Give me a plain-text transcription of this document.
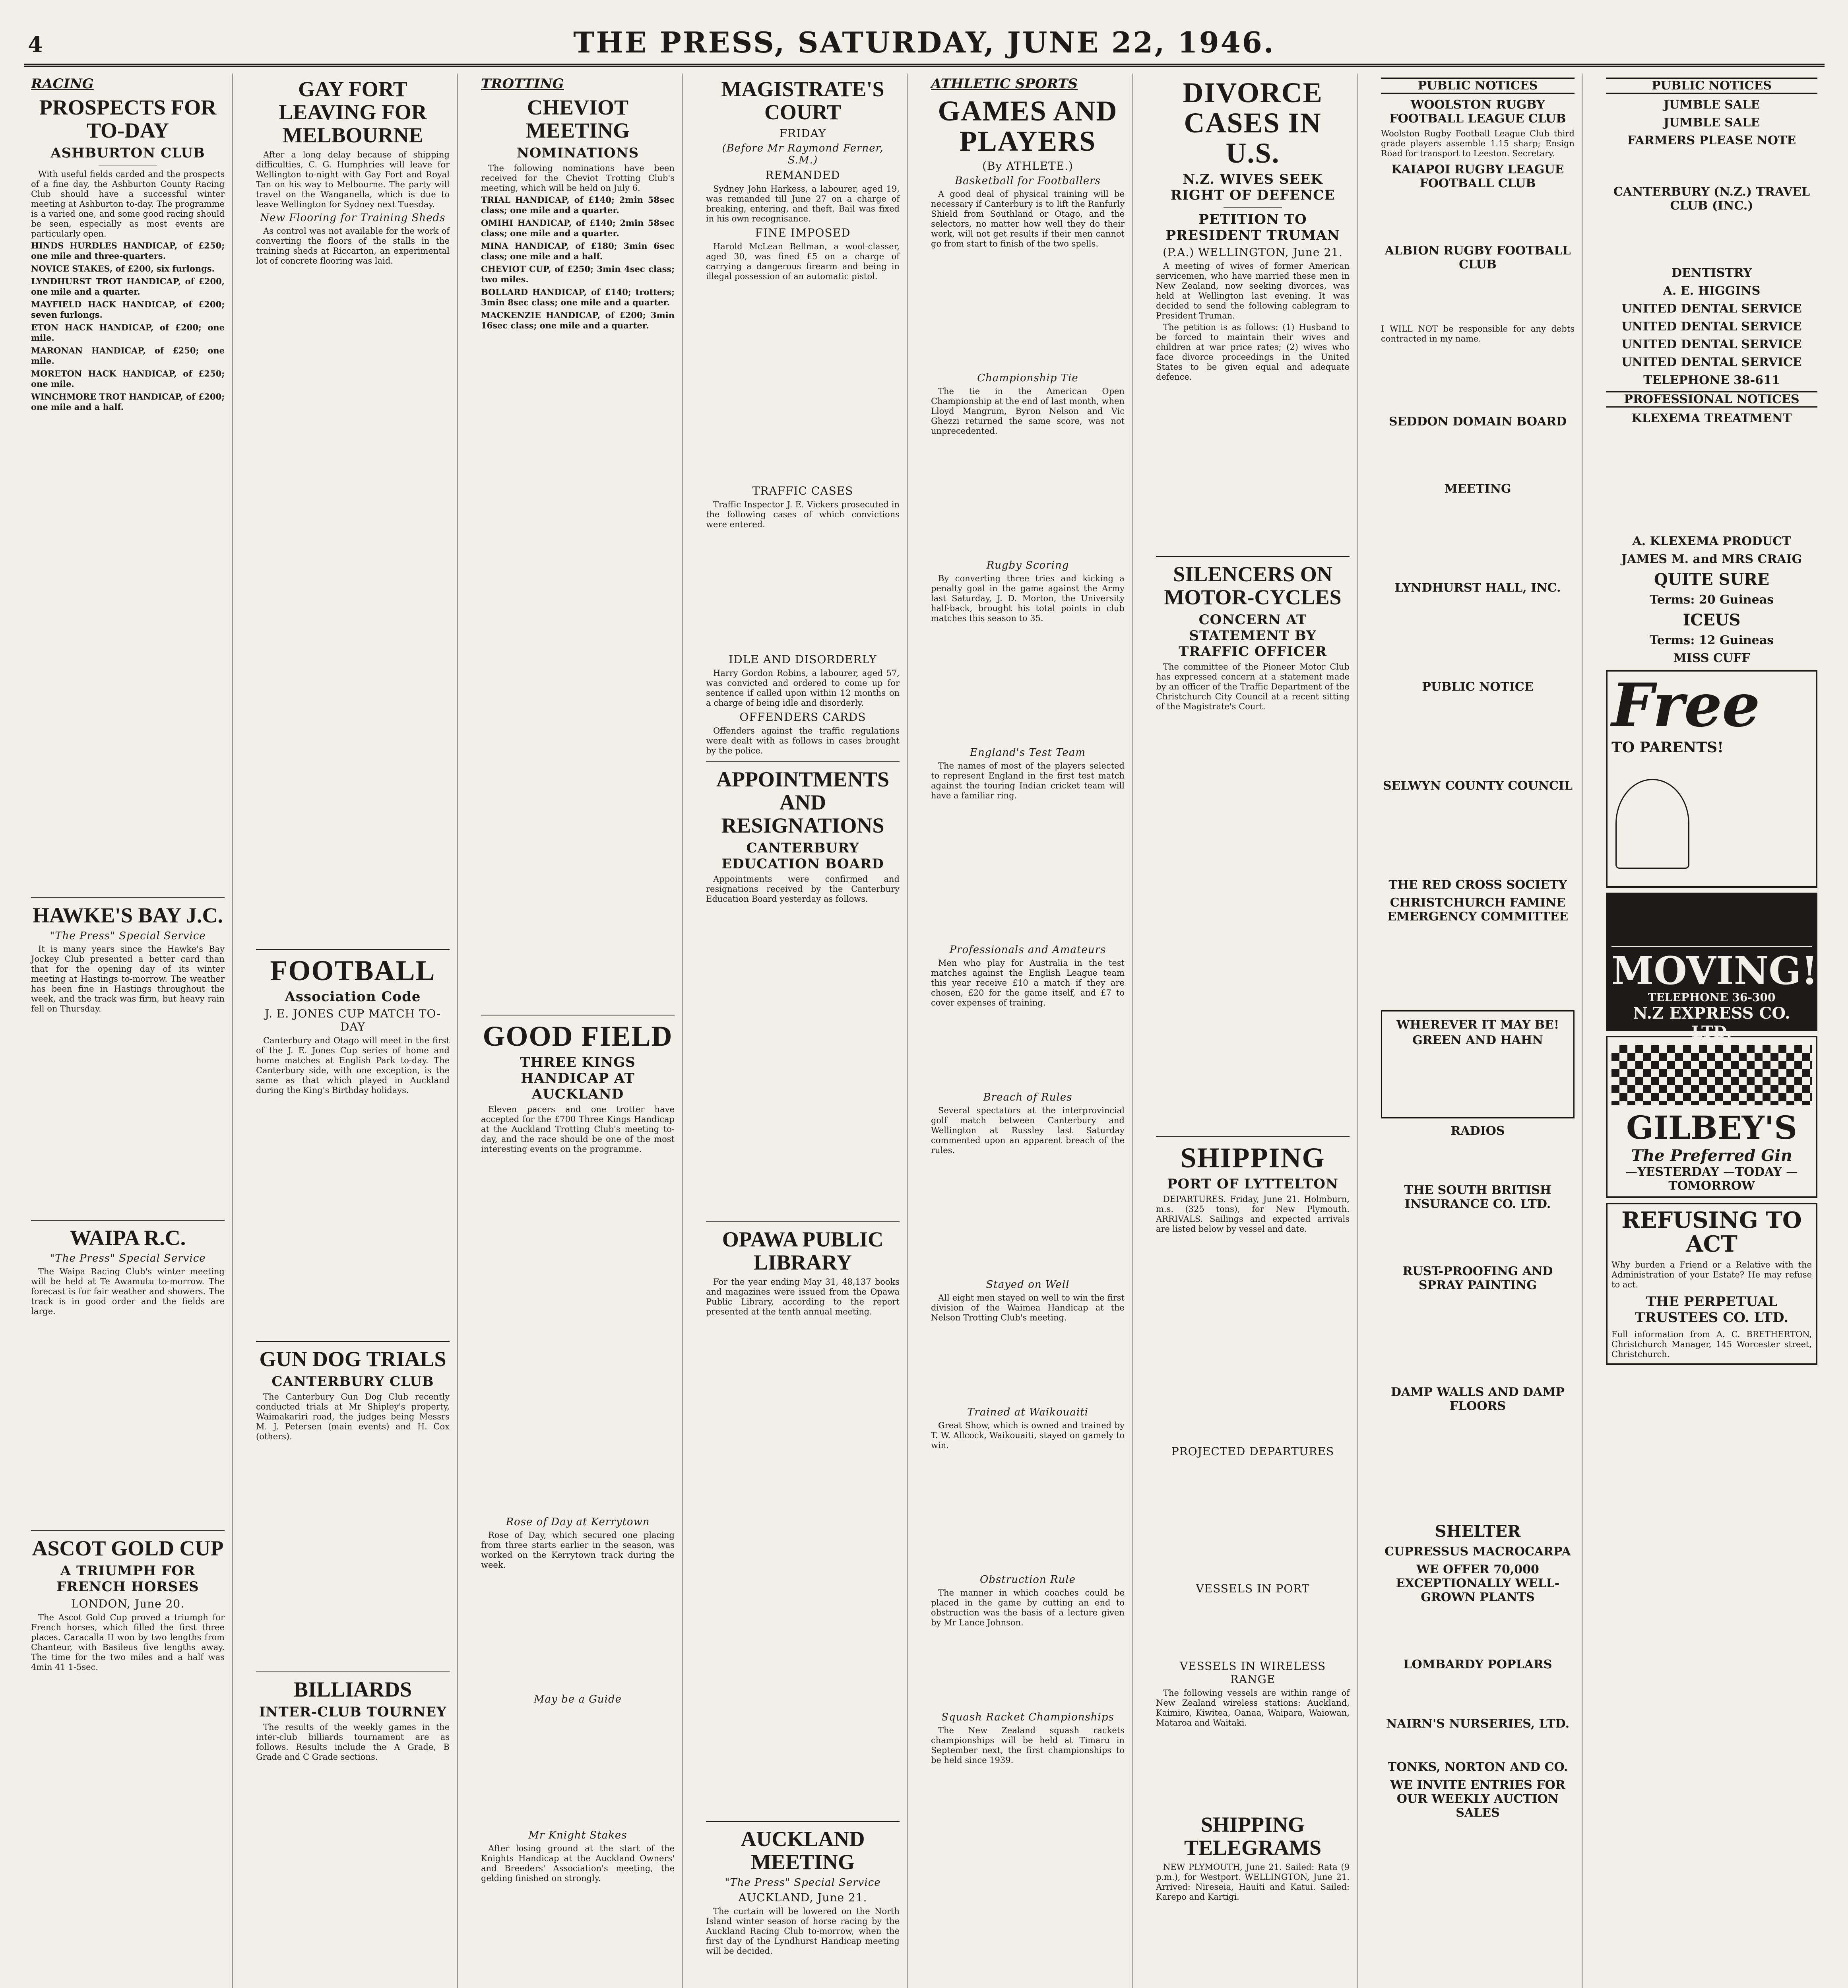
4	THE PRESS, SATURDAY, JUNE 22, 1946.
RACING
PROSPECTS FOR TO-DAY
ASHBURTON CLUB

With useful fields carded and the prospects of a fine day, the Ashburton County Racing Club should have a successful winter meeting at Ashburton to-day. The programme is a varied one, and some good racing should be seen, especially as most events are particularly open.

HINDS HURDLES HANDICAP, of £250; one mile and three-quarters.
NOVICE STAKES, of £200, six furlongs.
LYNDHURST TROT HANDICAP, of £200, one mile and a quarter.
MAYFIELD HACK HANDICAP, of £200; seven furlongs.
ETON HACK HANDICAP, of £200; one mile.
MARONAN HANDICAP, of £250; one mile.
MORETON HACK HANDICAP, of £250; one mile.
WINCHMORE TROT HANDICAP, of £200; one mile and a half.
HAWKE'S BAY J.C.
"The Press" Special Service

It is many years since the Hawke's Bay Jockey Club presented a better card than that for the opening day of its winter meeting at Hastings to-morrow. The weather has been fine in Hastings throughout the week, and the track was firm, but heavy rain fell on Thursday.

WAIPA R.C.
"The Press" Special Service

The Waipa Racing Club's winter meeting will be held at Te Awamutu to-morrow. The forecast is for fair weather and showers. The track is in good order and the fields are large.

ASCOT GOLD CUP
A TRIUMPH FOR FRENCH HORSES
LONDON, June 20.

The Ascot Gold Cup proved a triumph for French horses, which filled the first three places. Caracalla II won by two lengths from Chanteur, with Basileus five lengths away. The time for the two miles and a half was 4min 41 1-5sec.

GAY FORT LEAVING FOR MELBOURNE

After a long delay because of shipping difficulties, C. G. Humphries will leave for Wellington to-night with Gay Fort and Royal Tan on his way to Melbourne. The party will travel on the Wanganella, which is due to leave Wellington for Sydney next Tuesday.

New Flooring for Training Sheds

As control was not available for the work of converting the floors of the stalls in the training sheds at Riccarton, an experimental lot of concrete flooring was laid.

FOOTBALL
Association Code
J. E. JONES CUP MATCH TO-DAY

Canterbury and Otago will meet in the first of the J. E. Jones Cup series of home and home matches at English Park to-day. The Canterbury side, with one exception, is the same as that which played in Auckland during the King's Birthday holidays.

GUN DOG TRIALS
CANTERBURY CLUB

The Canterbury Gun Dog Club recently conducted trials at Mr Shipley's property, Waimakariri road, the judges being Messrs M. J. Petersen (main events) and H. Cox (others).

BILLIARDS
INTER-CLUB TOURNEY

The results of the weekly games in the inter-club billiards tournament are as follows. Results include the A Grade, B Grade and C Grade sections.

TROTTING
CHEVIOT MEETING
NOMINATIONS

The following nominations have been received for the Cheviot Trotting Club's meeting, which will be held on July 6.

TRIAL HANDICAP, of £140; 2min 58sec class; one mile and a quarter.
OMIHI HANDICAP, of £140; 2min 58sec class; one mile and a quarter.
MINA HANDICAP, of £180; 3min 6sec class; one mile and a half.
CHEVIOT CUP, of £250; 3min 4sec class; two miles.
BOLLARD HANDICAP, of £140; trotters; 3min 8sec class; one mile and a quarter.
MACKENZIE HANDICAP, of £200; 3min 16sec class; one mile and a quarter.
GOOD FIELD
THREE KINGS HANDICAP AT AUCKLAND

Eleven pacers and one trotter have accepted for the £700 Three Kings Handicap at the Auckland Trotting Club's meeting to-day, and the race should be one of the most interesting events on the programme.

Rose of Day at Kerrytown

Rose of Day, which secured one placing from three starts earlier in the season, was worked on the Kerrytown track during the week.

May be a Guide
Mr Knight Stakes

After losing ground at the start of the Knights Handicap at the Auckland Owners' and Breeders' Association's meeting, the gelding finished on strongly.

MAGISTRATE'S COURT
FRIDAY
(Before Mr Raymond Ferner, S.M.)
REMANDED

Sydney John Harkess, a labourer, aged 19, was remanded till June 27 on a charge of breaking, entering, and theft. Bail was fixed in his own recognisance.

FINE IMPOSED

Harold McLean Bellman, a wool-classer, aged 30, was fined £5 on a charge of carrying a dangerous firearm and being in illegal possession of an automatic pistol.

TRAFFIC CASES

Traffic Inspector J. E. Vickers prosecuted in the following cases of which convictions were entered.

IDLE AND DISORDERLY

Harry Gordon Robins, a labourer, aged 57, was convicted and ordered to come up for sentence if called upon within 12 months on a charge of being idle and disorderly.

OFFENDERS CARDS

Offenders against the traffic regulations were dealt with as follows in cases brought by the police.

APPOINTMENTS AND RESIGNATIONS
CANTERBURY EDUCATION BOARD

Appointments were confirmed and resignations received by the Canterbury Education Board yesterday as follows.

OPAWA PUBLIC LIBRARY

For the year ending May 31, 48,137 books and magazines were issued from the Opawa Public Library, according to the report presented at the tenth annual meeting.

AUCKLAND MEETING
"The Press" Special Service
AUCKLAND, June 21.

The curtain will be lowered on the North Island winter season of horse racing by the Auckland Racing Club to-morrow, when the first day of the Lyndhurst Handicap meeting will be decided.

ATHLETIC SPORTS
GAMES AND PLAYERS
(By ATHLETE.)
Basketball for Footballers

A good deal of physical training will be necessary if Canterbury is to lift the Ranfurly Shield from Southland or Otago, and the selectors, no matter how well they do their work, will not get results if their men cannot go from start to finish of the two spells.

Championship Tie

The tie in the American Open Championship at the end of last month, when Lloyd Mangrum, Byron Nelson and Vic Ghezzi returned the same score, was not unprecedented.

Rugby Scoring

By converting three tries and kicking a penalty goal in the game against the Army last Saturday, J. D. Morton, the University half-back, brought his total points in club matches this season to 35.

England's Test Team

The names of most of the players selected to represent England in the first test match against the touring Indian cricket team will have a familiar ring.

Professionals and Amateurs

Men who play for Australia in the test matches against the English League team this year receive £10 a match if they are chosen, £20 for the game itself, and £7 to cover expenses of training.

Breach of Rules

Several spectators at the interprovincial golf match between Canterbury and Wellington at Russley last Saturday commented upon an apparent breach of the rules.

Stayed on Well

All eight men stayed on well to win the first division of the Waimea Handicap at the Nelson Trotting Club's meeting.

Trained at Waikouaiti

Great Show, which is owned and trained by T. W. Allcock, Waikouaiti, stayed on gamely to win.

Obstruction Rule

The manner in which coaches could be placed in the game by cutting an end to obstruction was the basis of a lecture given by Mr Lance Johnson.

Squash Racket Championships

The New Zealand squash rackets championships will be held at Timaru in September next, the first championships to be held since 1939.

DIVORCE CASES IN U.S.
N.Z. WIVES SEEK RIGHT OF DEFENCE
PETITION TO PRESIDENT TRUMAN
(P.A.) WELLINGTON, June 21.

A meeting of wives of former American servicemen, who have married these men in New Zealand, now seeking divorces, was held at Wellington last evening. It was decided to send the following cablegram to President Truman.

The petition is as follows: (1) Husband to be forced to maintain their wives and children at war price rates; (2) wives who face divorce proceedings in the United States to be given equal and adequate defence.

SILENCERS ON MOTOR-CYCLES
CONCERN AT STATEMENT BY TRAFFIC OFFICER

The committee of the Pioneer Motor Club has expressed concern at a statement made by an officer of the Traffic Department of the Christchurch City Council at a recent sitting of the Magistrate's Court.

SHIPPING
PORT OF LYTTELTON

DEPARTURES. Friday, June 21. Holmburn, m.s. (325 tons), for New Plymouth. ARRIVALS. Sailings and expected arrivals are listed below by vessel and date.

PROJECTED DEPARTURES
VESSELS IN PORT
VESSELS IN WIRELESS RANGE

The following vessels are within range of New Zealand wireless stations: Auckland, Kaimiro, Kiwitea, Oanaa, Waipara, Waiowan, Mataroa and Waitaki.

SHIPPING TELEGRAMS

NEW PLYMOUTH, June 21. Sailed: Rata (9 p.m.), for Westport. WELLINGTON, June 21. Arrived: Nireseia, Hauiti and Katui. Sailed: Karepo and Kartigi.

PUBLIC NOTICES
WOOLSTON RUGBY FOOTBALL LEAGUE CLUB
Woolston Rugby Football League Club third grade players assemble 1.15 sharp; Ensign Road for transport to Leeston. Secretary.
KAIAPOI RUGBY LEAGUE FOOTBALL CLUB
ALBION RUGBY FOOTBALL CLUB
I WILL NOT be responsible for any debts contracted in my name.
SEDDON DOMAIN BOARD
MEETING
LYNDHURST HALL, INC.
PUBLIC NOTICE
SELWYN COUNTY COUNCIL
THE RED CROSS SOCIETY
CHRISTCHURCH FAMINE EMERGENCY COMMITTEE
WHEREVER IT MAY BE!
GREEN AND HAHN
RADIOS
THE SOUTH BRITISH INSURANCE CO. LTD.
RUST-PROOFING AND SPRAY PAINTING
DAMP WALLS AND DAMP FLOORS
SHELTER
CUPRESSUS MACROCARPA
WE OFFER 70,000 EXCEPTIONALLY WELL-GROWN PLANTS
LOMBARDY POPLARS
NAIRN'S NURSERIES, LTD.
TONKS, NORTON AND CO.
WE INVITE ENTRIES FOR OUR WEEKLY AUCTION SALES
PUBLIC NOTICES
JUMBLE SALE
JUMBLE SALE
FARMERS PLEASE NOTE
CANTERBURY (N.Z.) TRAVEL CLUB (INC.)
DENTISTRY
A. E. HIGGINS
UNITED DENTAL SERVICE
UNITED DENTAL SERVICE
UNITED DENTAL SERVICE
UNITED DENTAL SERVICE
TELEPHONE 38-611
PROFESSIONAL NOTICES
KLEXEMA TREATMENT
A. KLEXEMA PRODUCT
JAMES M. and MRS CRAIG
QUITE SURE
Terms: 20 Guineas
ICEUS
Terms: 12 Guineas
MISS CUFF
Free
TO PARENTS!
MOVING!
TELEPHONE 36-300
N.Z EXPRESS CO. LTD.
GILBEY'S
The Preferred Gin
—YESTERDAY —TODAY —TOMORROW
REFUSING TO ACT
Why burden a Friend or a Relative with the Administration of your Estate? He may refuse to act.
THE PERPETUAL TRUSTEES CO. LTD.
Full information from A. C. BRETHERTON, Christchurch Manager, 145 Worcester street, Christchurch.
